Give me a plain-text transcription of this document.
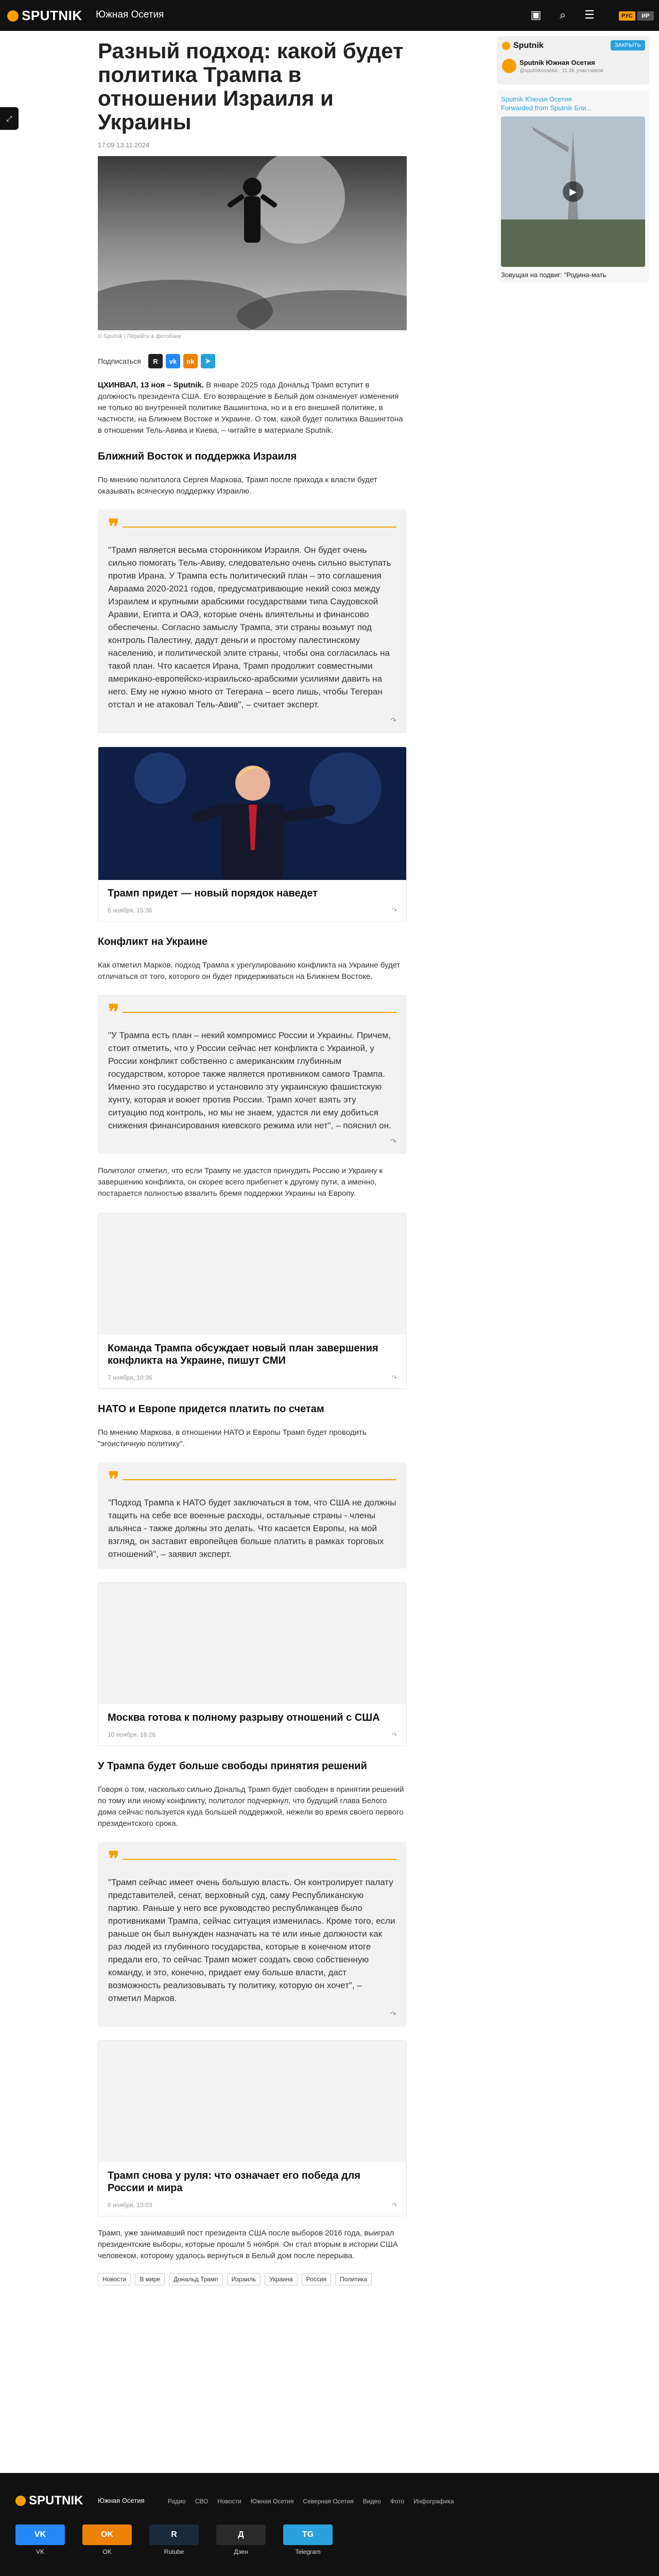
SPUTNIK Южная Осетия	▣	⌕	☰	РУС	ИР
⤢
Разный подход: какой будет политика Трампа в отношении Израиля и Украины
17:09 13.11.2024
© Sputnik / Перейти в фотобанк
Подписаться	R	vk	ok	➤

ЦХИНВАЛ, 13 ноя – Sputnik. В январе 2025 года Дональд Трамп вступит в должность президента США. Его возвращение в Белый дом ознаменует изменения не только во внутренней политике Вашингтона, но и в его внешней политике, в частности, на Ближнем Востоке и Украине. О том, какой будет политика Вашингтона в отношении Тель-Авива и Киева, – читайте в материале Sputnik.

Ближний Восток и поддержка Израиля

По мнению политолога Сергея Маркова, Трамп после прихода к власти будет оказывать всяческую поддержку Израилю.

❞
"Трамп является весьма сторонником Израиля. Он будет очень сильно помогать Тель-Авиву, следовательно очень сильно выступать против Ирана. У Трампа есть политический план – это соглашения Авраама 2020-2021 годов, предусматривающие некий союз между Израилем и крупными арабскими государствами типа Саудовской Аравии, Египта и ОАЭ, которые очень влиятельны и финансово обеспечены. Согласно замыслу Трампа, эти страны возьмут под контроль Палестину, дадут деньги и простому палестинскому населению, и политической элите страны, чтобы она согласилась на такой план. Что касается Ирана, Трамп продолжит совместными американо-европейско-израильско-арабскими усилиями давить на него. Ему не нужно много от Тегерана – всего лишь, чтобы Тегеран отстал и не атаковал Тель-Авив", – считает эксперт.
↷
Трамп придет — новый порядок наведет
6 ноября, 15:36	↷
Конфликт на Украине

Как отметил Марков, подход Трампа к урегулированию конфликта на Украине будет отличаться от того, которого он будет придерживаться на Ближнем Востоке.

❞
"У Трампа есть план – некий компромисс России и Украины. Причем, стоит отметить, что у России сейчас нет конфликта с Украиной, у России конфликт собственно с американским глубинным государством, которое также является противником самого Трампа. Именно это государство и установило эту украинскую фашистскую хунту, которая и воюет против России. Трамп хочет взять эту ситуацию под контроль, но мы не знаем, удастся ли ему добиться снижения финансирования киевского режима или нет", – пояснил он.
↷

Политолог отметил, что если Трампу не удастся принудить Россию и Украину к завершению конфликта, он скорее всего прибегнет к другому пути, а именно, постарается полностью взвалить бремя поддержки Украины на Европу.

Команда Трампа обсуждает новый план завершения конфликта на Украине, пишут СМИ
7 ноября, 10:36	↷
НАТО и Европе придется платить по счетам

По мнению Маркова, в отношении НАТО и Европы Трамп будет проводить "эгоистичную политику".

❞
"Подход Трампа к НАТО будет заключаться в том, что США не должны тащить на себе все военные расходы, остальные страны - члены альянса - также должны это делать. Что касается Европы, на мой взгляд, он заставит европейцев больше платить в рамках торговых отношений", – заявил эксперт.
Москва готова к полному разрыву отношений с США
10 ноября, 16:26	↷
У Трампа будет больше свободы принятия решений

Говоря о том, насколько сильно Дональд Трамп будет свободен в принятии решений по тому или иному конфликту, политолог подчеркнул, что будущий глава Белого дома сейчас пользуется куда большей поддержкой, нежели во время своего первого президентского срока.

❞
"Трамп сейчас имеет очень большую власть. Он контролирует палату представителей, сенат, верховный суд, саму Республиканскую партию. Раньше у него все руководство республиканцев было противниками Трампа, сейчас ситуация изменилась. Кроме того, если раньше он был вынужден назначать на те или иные должности как раз людей из глубинного государства, которые в конечном итоге предали его, то сейчас Трамп может создать свою собственную команду, и это, конечно, придает ему больше власти, даст возможность реализовывать ту политику, которую он хочет", – отметил Марков.
↷
Трамп снова у руля: что означает его победа для России и мира
6 ноября, 13:03	↷

Трамп, уже занимавший пост президента США после выборов 2016 года, выиграл президентские выборы, которые прошли 5 ноября. Он стал вторым в истории США человеком, которому удалось вернуться в Белый дом после перерыва.

Новости	В мире	Дональд Трамп	Израиль	Украина	Россия	Политика
Sputnik	ЗАКРЫТЬ
Sputnik Южная Осетия
@sputnikossetia · 11.3K участников
Sputnik Южная Осетия
Forwarded from Sputnik Бли...
▶
Зовущая на подвиг: "Родина-мать
SPUTNIK Южная Осетия	Радио СВО Новости Южная Осетия Северная Осетия Видео Фото Инфографика
VK
VK
OK
OK
R
Rutube
Д
Дзен
TG
Telegram
